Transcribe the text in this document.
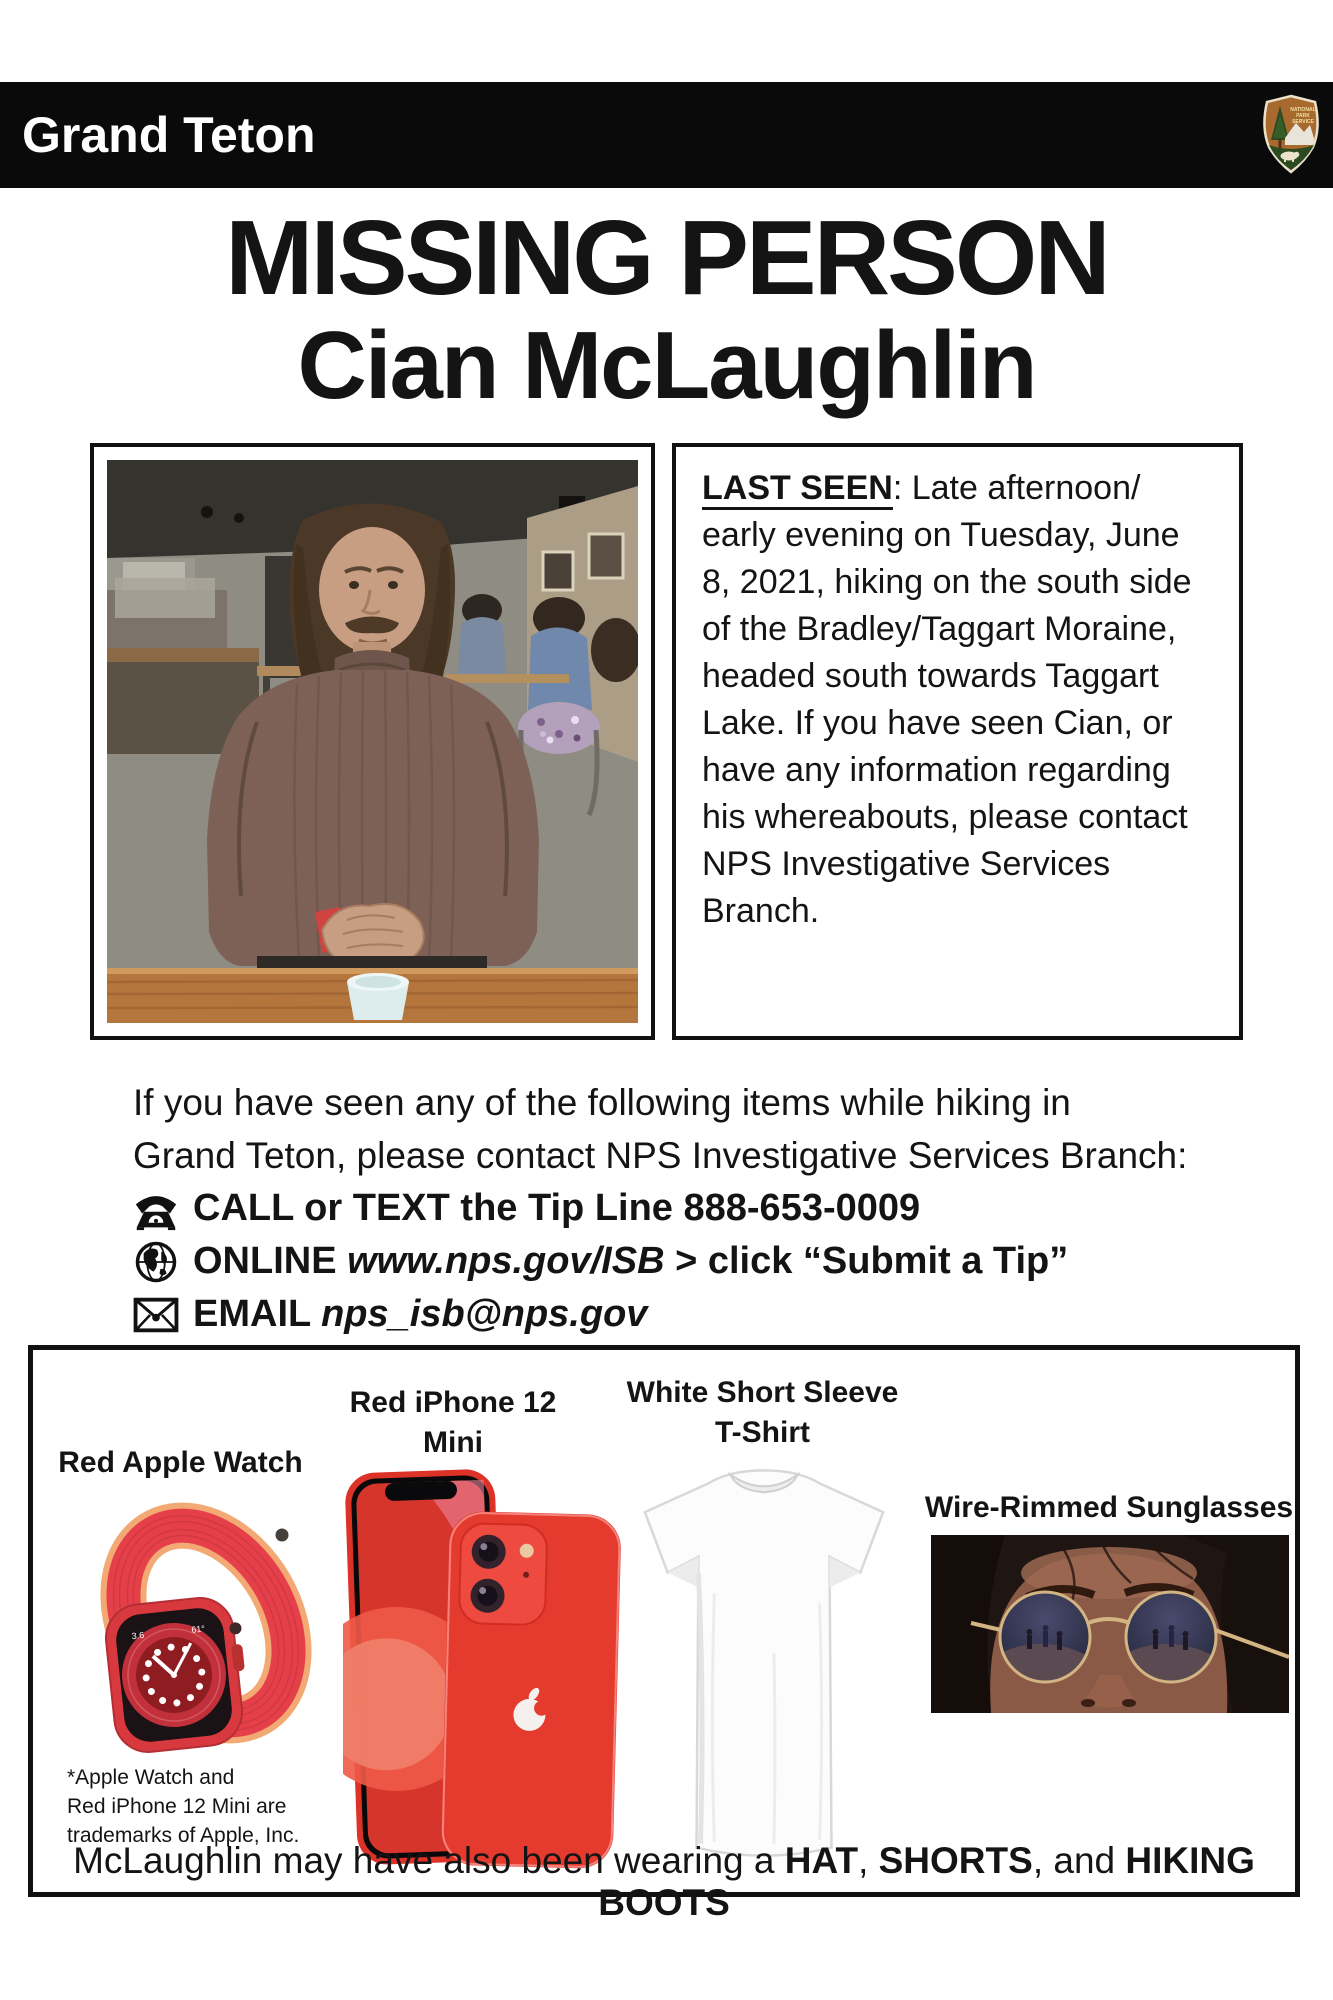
Grand Teton	NATIONAL
PARK
SERVICE
MISSING PERSON
Cian McLaughlin
LAST SEEN: Late afternoon/ early evening on Tuesday, June 8, 2021, hiking on the south side of the Bradley/Taggart Moraine, headed south towards Taggart Lake. If you have seen Cian, or have any information regarding his whereabouts, please contact NPS Investigative Services Branch.
If you have seen any of the following items while hiking in
Grand Teton, please contact NPS Investigative Services Branch:
CALL or TEXT the Tip Line 888-653-0009
ONLINE www.nps.gov/ISB > click “Submit a Tip”
EMAIL nps_isb@nps.gov
Red Apple Watch
3.6
61°
*Apple Watch and
Red iPhone 12 Mini are
trademarks of Apple, Inc.
Red iPhone 12
Mini
White Short Sleeve
T-Shirt
Wire-Rimmed Sunglasses
McLaughlin may have also been wearing a HAT, SHORTS, and HIKING BOOTS
